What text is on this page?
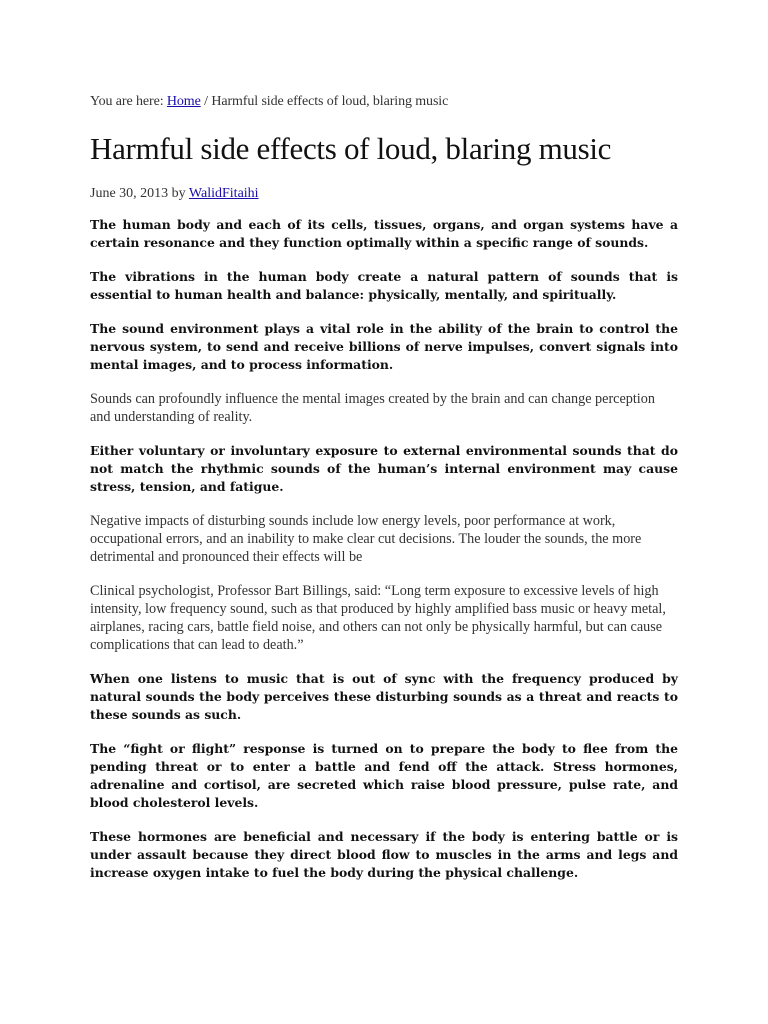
You are here: Home / Harmful side effects of loud, blaring music
Harmful side effects of loud, blaring music
June 30, 2013 by WalidFitaihi

The human body and each of its cells, tissues, organs, and organ systems have a certain resonance and they function optimally within a specific range of sounds.

The vibrations in the human body create a natural pattern of sounds that is essential to human health and balance: physically, mentally, and spiritually.

The sound environment plays a vital role in the ability of the brain to control the nervous system, to send and receive billions of nerve impulses, convert signals into mental images, and to process information.

Sounds can profoundly influence the mental images created by the brain and can change perception and understanding of reality.

Either voluntary or involuntary exposure to external environmental sounds that do not match the rhythmic sounds of the human’s internal environment may cause stress, tension, and fatigue.

Negative impacts of disturbing sounds include low energy levels, poor performance at work, occupational errors, and an inability to make clear cut decisions. The louder the sounds, the more detrimental and pronounced their effects will be

Clinical psychologist, Professor Bart Billings, said: “Long term exposure to excessive levels of high intensity, low frequency sound, such as that produced by highly amplified bass music or heavy metal, airplanes, racing cars, battle field noise, and others can not only be physically harmful, but can cause complications that can lead to death.”

When one listens to music that is out of sync with the frequency produced by natural sounds the body perceives these disturbing sounds as a threat and reacts to these sounds as such.

The “fight or flight” response is turned on to prepare the body to flee from the pending threat or to enter a battle and fend off the attack. Stress hormones, adrenaline and cortisol, are secreted which raise blood pressure, pulse rate, and blood cholesterol levels.

These hormones are beneficial and necessary if the body is entering battle or is under assault because they direct blood flow to muscles in the arms and legs and increase oxygen intake to fuel the body during the physical challenge.
